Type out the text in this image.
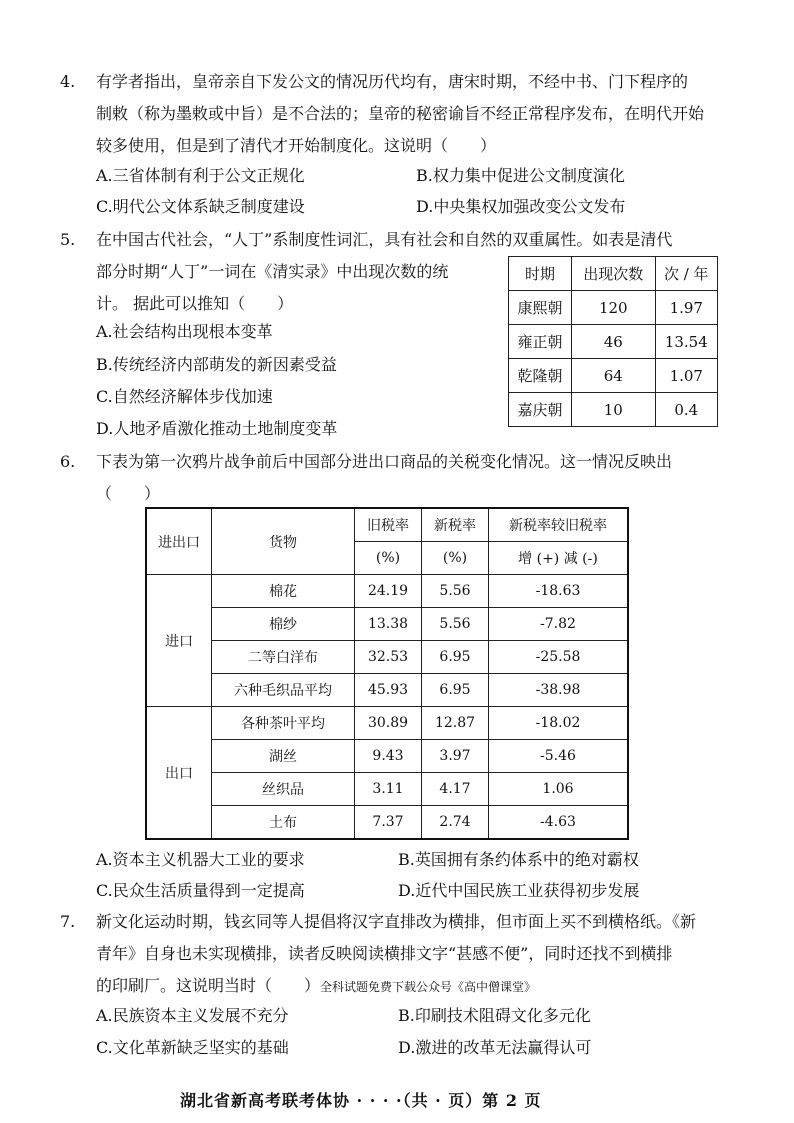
4. 有学者指出，皇帝亲自下发公文的情况历代均有，唐宋时期，不经中书、门下程序的
制敕（称为墨敕或中旨）是不合法的；皇帝的秘密谕旨不经正常程序发布，在明代开始
较多使用，但是到了清代才开始制度化。这说明（　　）
A.三省体制有利于公文正规化	B.权力集中促进公文制度演化
C.明代公文体系缺乏制度建设	D.中央集权加强改变公文发布
5. 在中国古代社会，“人丁”系制度性词汇，具有社会和自然的双重属性。如表是清代
部分时期“人丁”一词在《清实录》中出现次数的统
计。 据此可以推知（　　）
A.社会结构出现根本变革
B.传统经济内部萌发的新因素受益
C.自然经济解体步伐加速
D.人地矛盾激化推动土地制度变革
时期	出现次数	次 / 年
康熙朝	120	1.97
雍正朝	46	13.54
乾隆朝	64	1.07
嘉庆朝	10	0.4
6. 下表为第一次鸦片战争前后中国部分进出口商品的关税变化情况。这一情况反映出
（　　）
进出口	货物	旧税率	新税率	新税率较旧税率
		(%)	(%)	增 (+) 减 (-)
进口	棉花	24.19	5.56	-18.63
	棉纱	13.38	5.56	-7.82
	二等白洋布	32.53	6.95	-25.58
	六种毛织品平均	45.93	6.95	-38.98
出口	各种茶叶平均	30.89	12.87	-18.02
	湖丝	9.43	3.97	-5.46
	丝织品	3.11	4.17	1.06
	土布	7.37	2.74	-4.63
A.资本主义机器大工业的要求	B.英国拥有条约体系中的绝对霸权
C.民众生活质量得到一定提高	D.近代中国民族工业获得初步发展
7. 新文化运动时期，钱玄同等人提倡将汉字直排改为横排，但市面上买不到横格纸。《新
青年》自身也未实现横排，读者反映阅读横排文字“甚感不便”，同时还找不到横排
的印刷厂。这说明当时（　　）全科试题免费下载公众号《高中僧课堂》
A.民族资本主义发展不充分	B.印刷技术阻碍文化多元化
C.文化革新缺乏坚实的基础	D.激进的改革无法赢得认可
湖北省新高考联考体协 · · · ·（共 · 页）第 2 页
